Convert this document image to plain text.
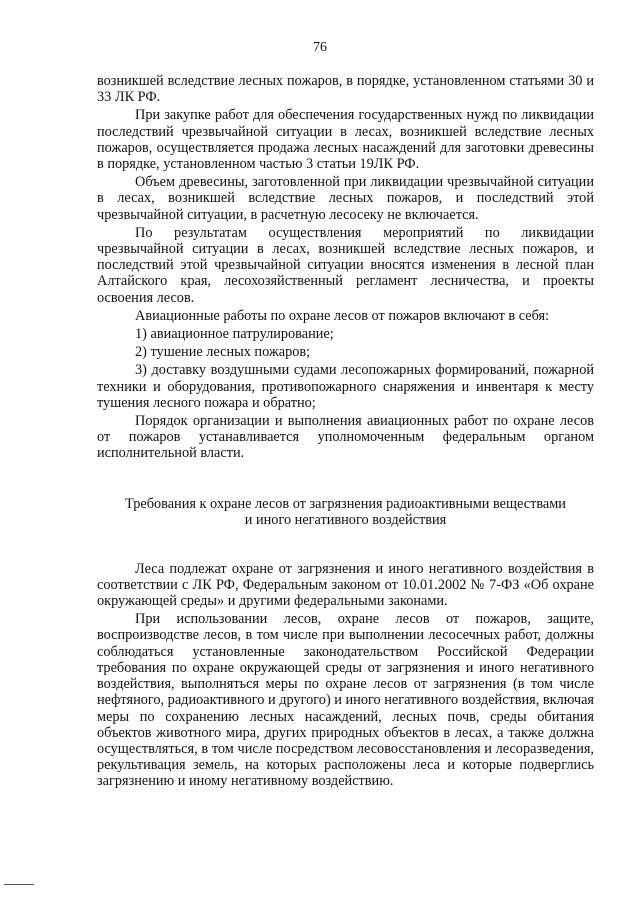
76

возникшей вследствие лесных пожаров, в порядке, установленном статьями 30 и 33 ЛК РФ.

При закупке работ для обеспечения государственных нужд по ликвидации последствий чрезвычайной ситуации в лесах, возникшей вследствие лесных пожаров, осуществляется продажа лесных насаждений для заготовки древесины в порядке, установленном частью 3 статьи 19ЛК РФ.

Объем древесины, заготовленной при ликвидации чрезвычайной ситуации в лесах, возникшей вследствие лесных пожаров, и последствий этой чрезвычайной ситуации, в расчетную лесосеку не включается.

По результатам осуществления мероприятий по ликвидации чрезвычайной ситуации в лесах, возникшей вследствие лесных пожаров, и последствий этой чрезвычайной ситуации вносятся изменения в лесной план Алтайского края, лесохозяйственный регламент лесничества, и проекты освоения лесов.

Авиационные работы по охране лесов от пожаров включают в себя:

1) авиационное патрулирование;

2) тушение лесных пожаров;

3) доставку воздушными судами лесопожарных формирований, пожарной техники и оборудования, противопожарного снаряжения и инвентаря к месту тушения лесного пожара и обратно;

Порядок организации и выполнения авиационных работ по охране лесов от пожаров устанавливается уполномоченным федеральным органом исполнительной власти.

Требования к охране лесов от загрязнения радиоактивными веществами
и иного негативного воздействия

Леса подлежат охране от загрязнения и иного негативного воздействия в соответствии с ЛК РФ, Федеральным законом от 10.01.2002 № 7-ФЗ «Об охране окружающей среды» и другими федеральными законами.

При использовании лесов, охране лесов от пожаров, защите, воспроизводстве лесов, в том числе при выполнении лесосечных работ, должны соблюдаться установленные законодательством Российской Федерации требования по охране окружающей среды от загрязнения и иного негативного воздействия, выполняться меры по охране лесов от загрязнения (в том числе нефтяного, радиоактивного и другого) и иного негативного воздействия, включая меры по сохранению лесных насаждений, лесных почв, среды обитания объектов животного мира, других природных объектов в лесах, а также должна осуществляться, в том числе посредством лесовосстановления и лесоразведения, рекультивация земель, на которых расположены леса и которые подверглись загрязнению и иному негативному воздействию.
